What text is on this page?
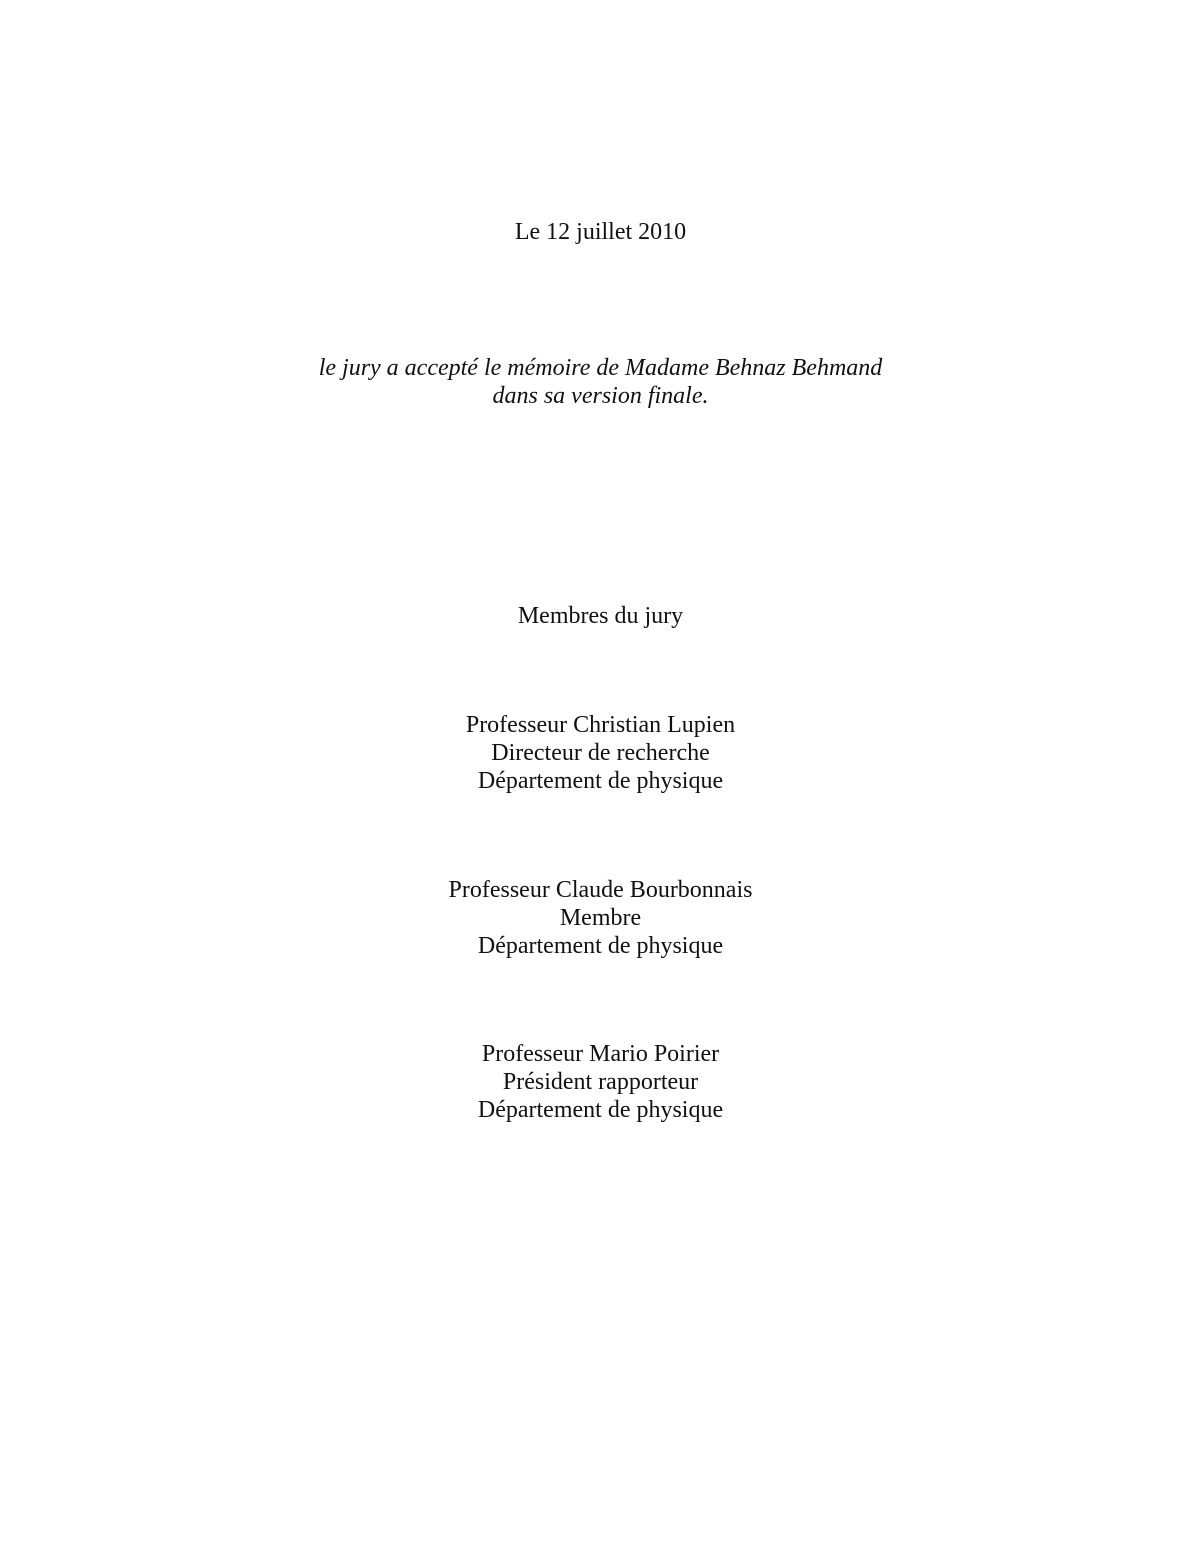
Le 12 juillet 2010
le jury a accepté le mémoire de Madame Behnaz Behmand
dans sa version finale.
Membres du jury
Professeur Christian Lupien
Directeur de recherche
Département de physique
Professeur Claude Bourbonnais
Membre
Département de physique
Professeur Mario Poirier
Président rapporteur
Département de physique
